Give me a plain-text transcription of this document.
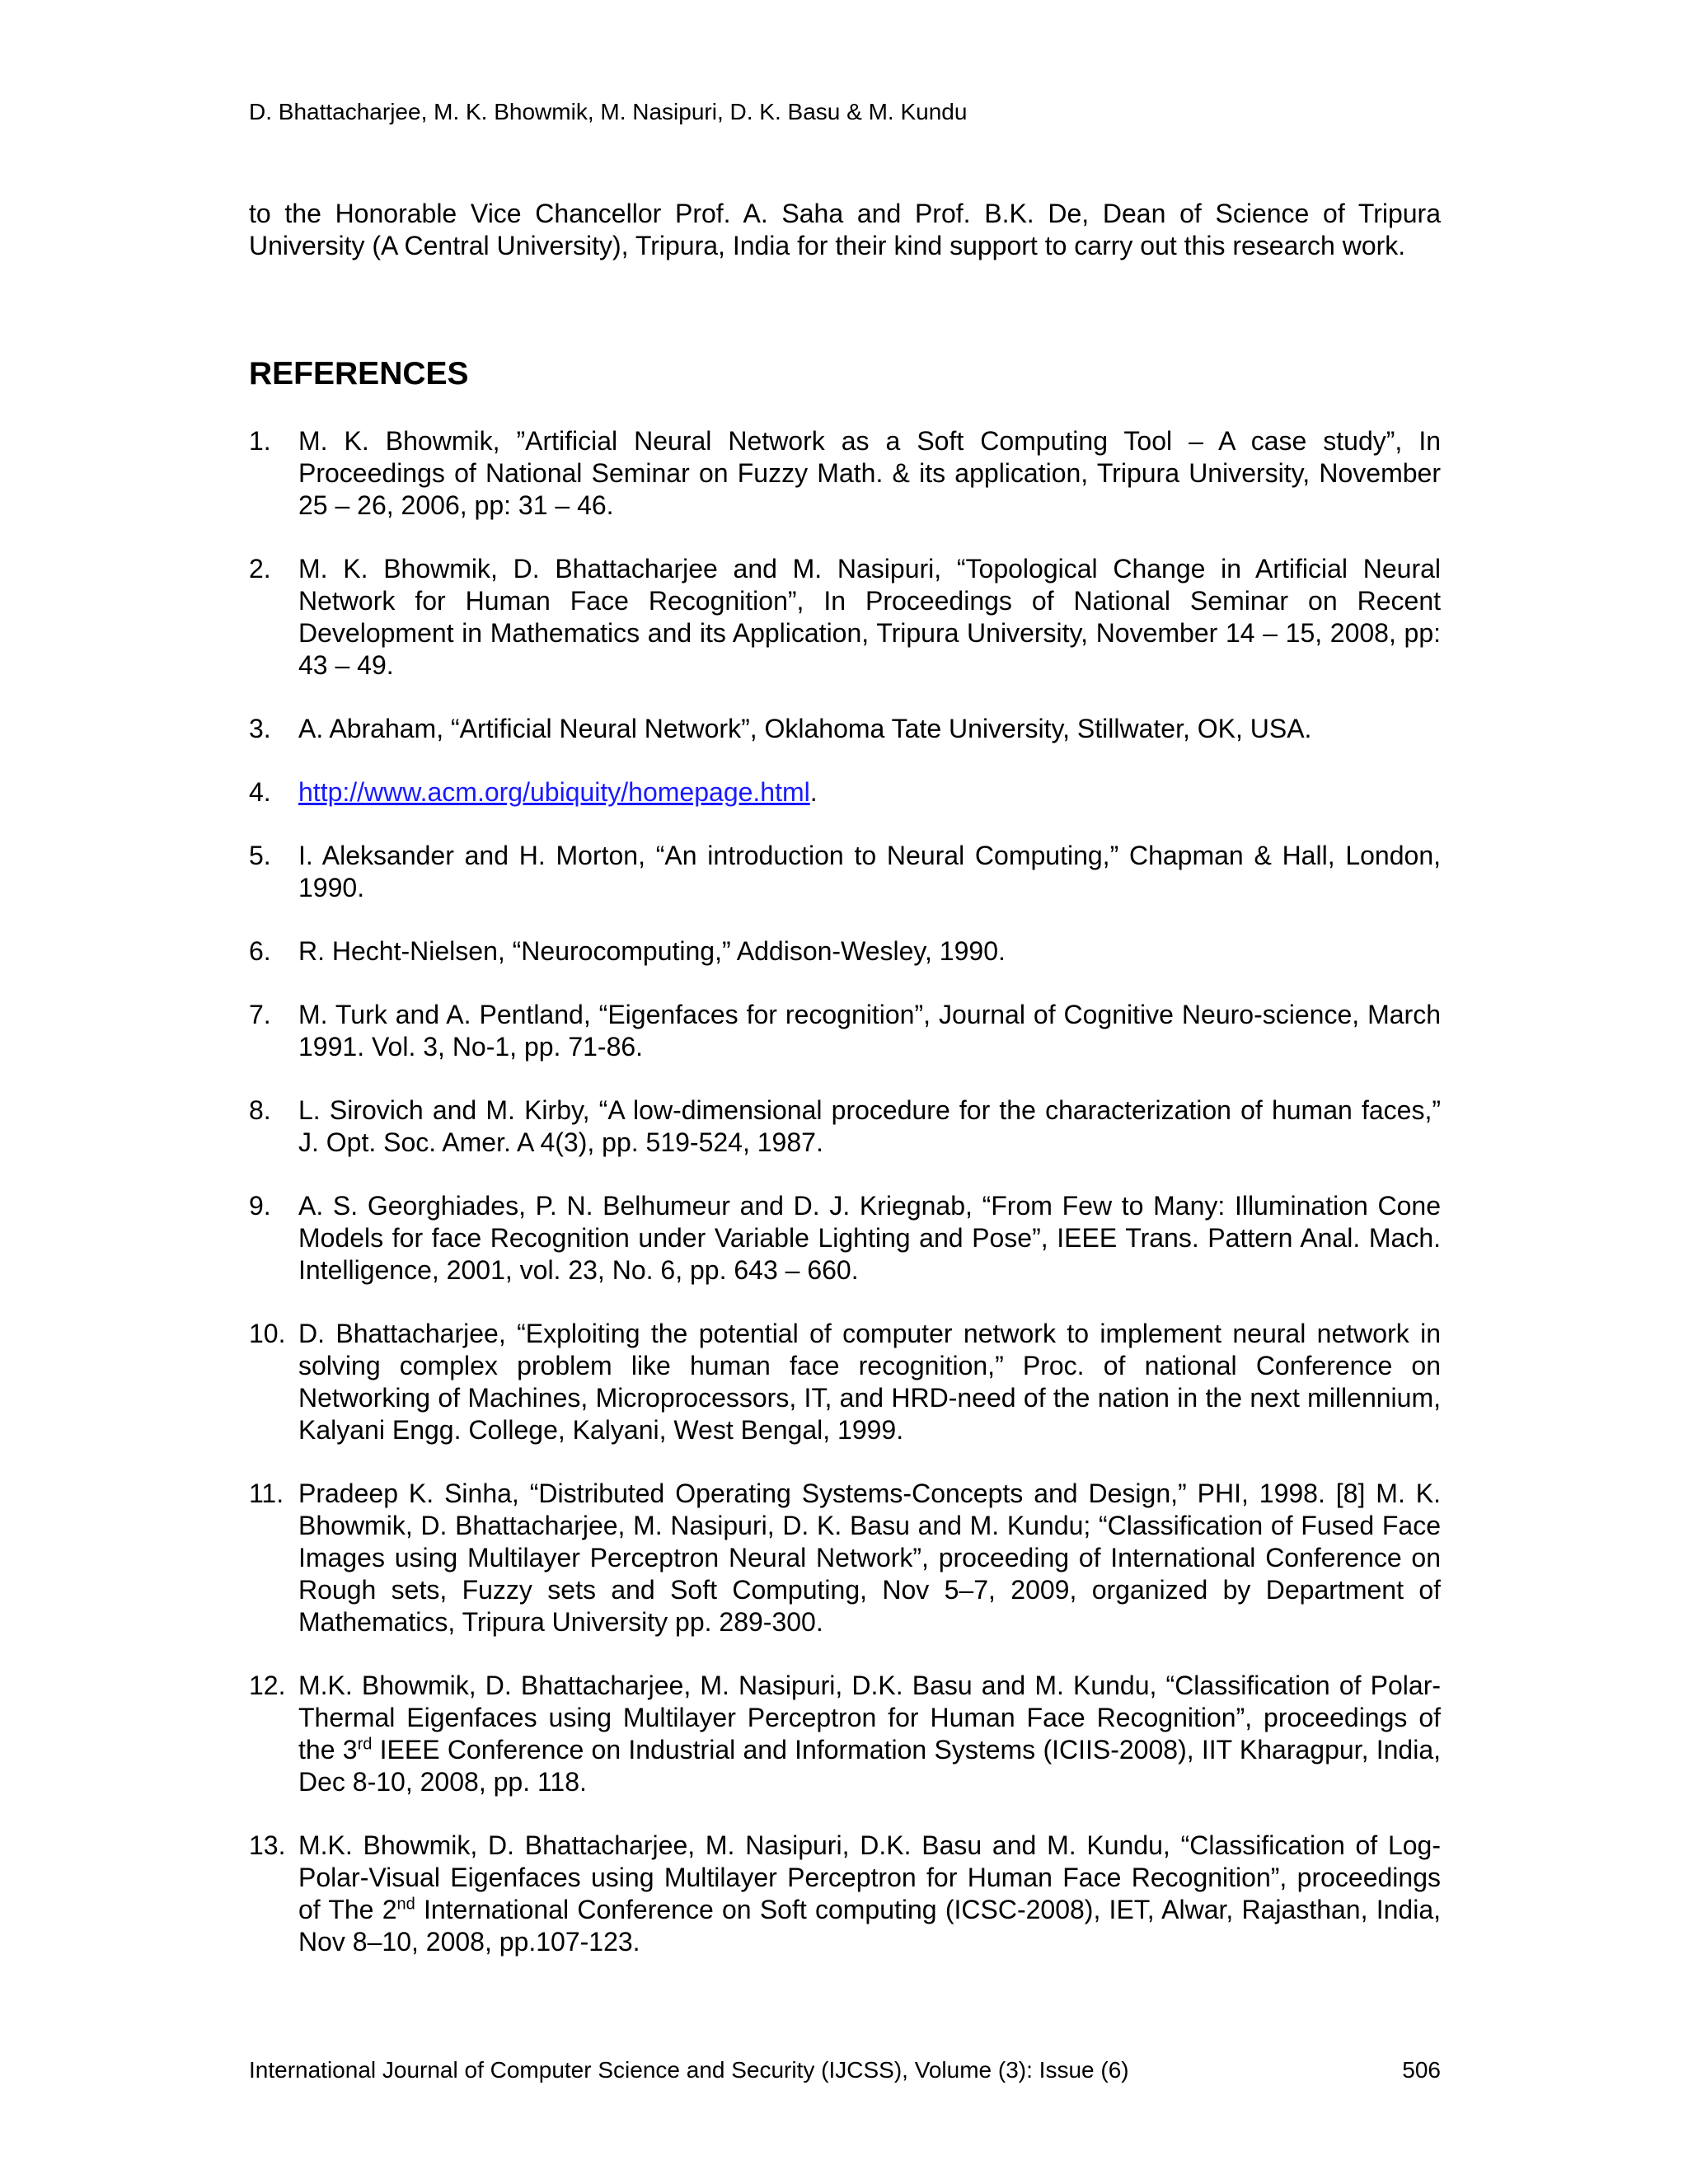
D. Bhattacharjee, M. K. Bhowmik, M. Nasipuri, D. K. Basu & M. Kundu

to the Honorable Vice Chancellor Prof. A. Saha and Prof. B.K. De, Dean of Science of Tripura University (A Central University), Tripura, India for their kind support to carry out this research work.

REFERENCES
1. M. K. Bhowmik, ”Artificial Neural Network as a Soft Computing Tool – A case study”, In Proceedings of National Seminar on Fuzzy Math. & its application, Tripura University, November 25 – 26, 2006, pp: 31 – 46.
2. M. K. Bhowmik, D. Bhattacharjee and M. Nasipuri, “Topological Change in Artificial Neural Network for Human Face Recognition”, In Proceedings of National Seminar on Recent Development in Mathematics and its Application, Tripura University, November 14 – 15, 2008, pp: 43 – 49.
3. A. Abraham, “Artificial Neural Network”, Oklahoma Tate University, Stillwater, OK, USA.
4. http://www.acm.org/ubiquity/homepage.html.
5. I. Aleksander and H. Morton, “An introduction to Neural Computing,” Chapman & Hall, London, 1990.
6. R. Hecht-Nielsen, “Neurocomputing,” Addison-Wesley, 1990.
7. M. Turk and A. Pentland, “Eigenfaces for recognition”, Journal of Cognitive Neuro-science, March 1991. Vol. 3, No-1, pp. 71-86.
8. L. Sirovich and M. Kirby, “A low-dimensional procedure for the characterization of human faces,” J. Opt. Soc. Amer. A 4(3), pp. 519-524, 1987.
9. A. S. Georghiades, P. N. Belhumeur and D. J. Kriegnab, “From Few to Many: Illumination Cone Models for face Recognition under Variable Lighting and Pose”, IEEE Trans. Pattern Anal. Mach. Intelligence, 2001, vol. 23, No. 6, pp. 643 – 660.
10. D. Bhattacharjee, “Exploiting the potential of computer network to implement neural network in solving complex problem like human face recognition,” Proc. of national Conference on Networking of Machines, Microprocessors, IT, and HRD-need of the nation in the next millennium, Kalyani Engg. College, Kalyani, West Bengal, 1999.
11. Pradeep K. Sinha, “Distributed Operating Systems-Concepts and Design,” PHI, 1998. [8] M. K. Bhowmik, D. Bhattacharjee, M. Nasipuri, D. K. Basu and M. Kundu; “Classification of Fused Face Images using Multilayer Perceptron Neural Network”, proceeding of International Conference on Rough sets, Fuzzy sets and Soft Computing, Nov 5–7, 2009, organized by Department of Mathematics, Tripura University pp. 289-300.
12. M.K. Bhowmik, D. Bhattacharjee, M. Nasipuri, D.K. Basu and M. Kundu, “Classification of Polar-Thermal Eigenfaces using Multilayer Perceptron for Human Face Recognition”, proceedings of the 3rd IEEE Conference on Industrial and Information Systems (ICIIS-2008), IIT Kharagpur, India, Dec 8-10, 2008, pp. 118.
13. M.K. Bhowmik, D. Bhattacharjee, M. Nasipuri, D.K. Basu and M. Kundu, “Classification of Log-Polar-Visual Eigenfaces using Multilayer Perceptron for Human Face Recognition”, proceedings of The 2nd International Conference on Soft computing (ICSC-2008), IET, Alwar, Rajasthan, India, Nov 8–10, 2008, pp.107-123.
International Journal of Computer Science and Security (IJCSS), Volume (3): Issue (6)	506
